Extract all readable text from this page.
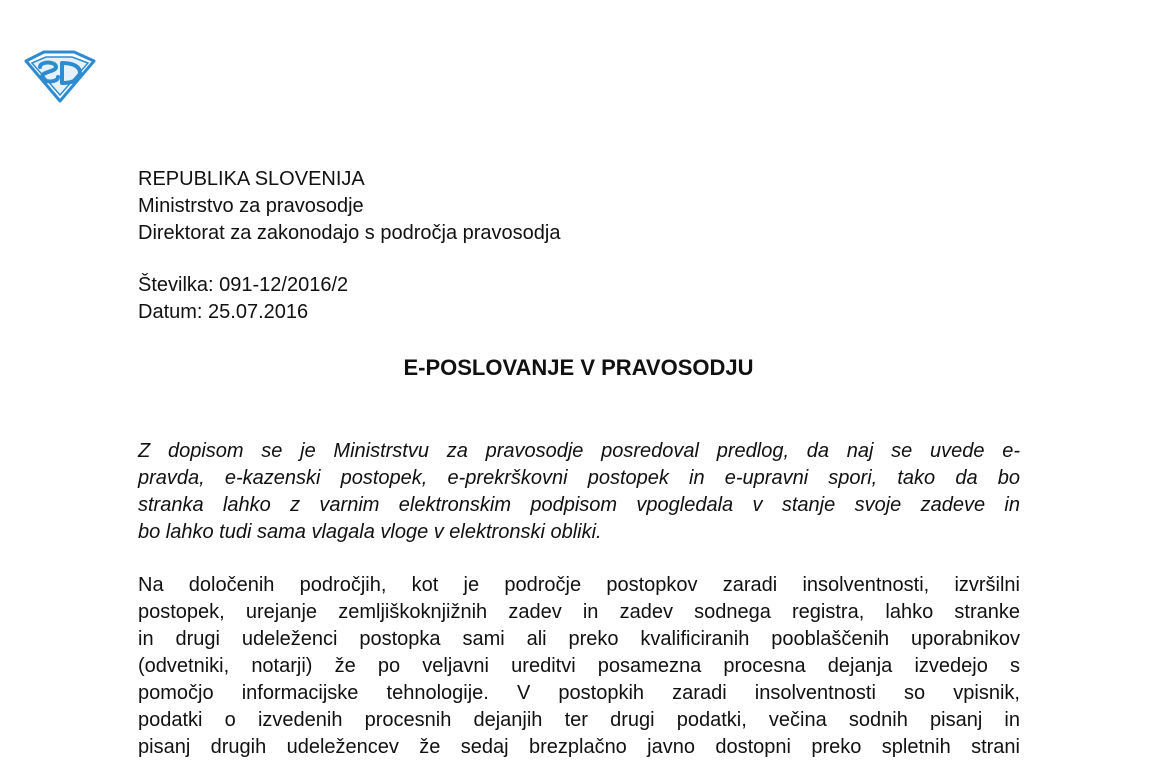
REPUBLIKA SLOVENIJA
Ministrstvo za pravosodje
Direktorat za zakonodajo s področja pravosodja
Številka: 091-12/2016/2
Datum: 25.07.2016
E-POSLOVANJE V PRAVOSODJU
Z dopisom se je Ministrstvu za pravosodje posredoval predlog, da naj se uvede e-
pravda, e-kazenski postopek, e-prekrškovni postopek in e-upravni spori, tako da bo
stranka lahko z varnim elektronskim podpisom vpogledala v stanje svoje zadeve in
bo lahko tudi sama vlagala vloge v elektronski obliki.
Na določenih področjih, kot je področje postopkov zaradi insolventnosti, izvršilni
postopek, urejanje zemljiškoknjižnih zadev in zadev sodnega registra, lahko stranke
in drugi udeleženci postopka sami ali preko kvalificiranih pooblaščenih uporabnikov
(odvetniki, notarji) že po veljavni ureditvi posamezna procesna dejanja izvedejo s
pomočjo informacijske tehnologije. V postopkih zaradi insolventnosti so vpisnik,
podatki o izvedenih procesnih dejanjih ter drugi podatki, večina sodnih pisanj in
pisanj drugih udeležencev že sedaj brezplačno javno dostopni preko spletnih strani
